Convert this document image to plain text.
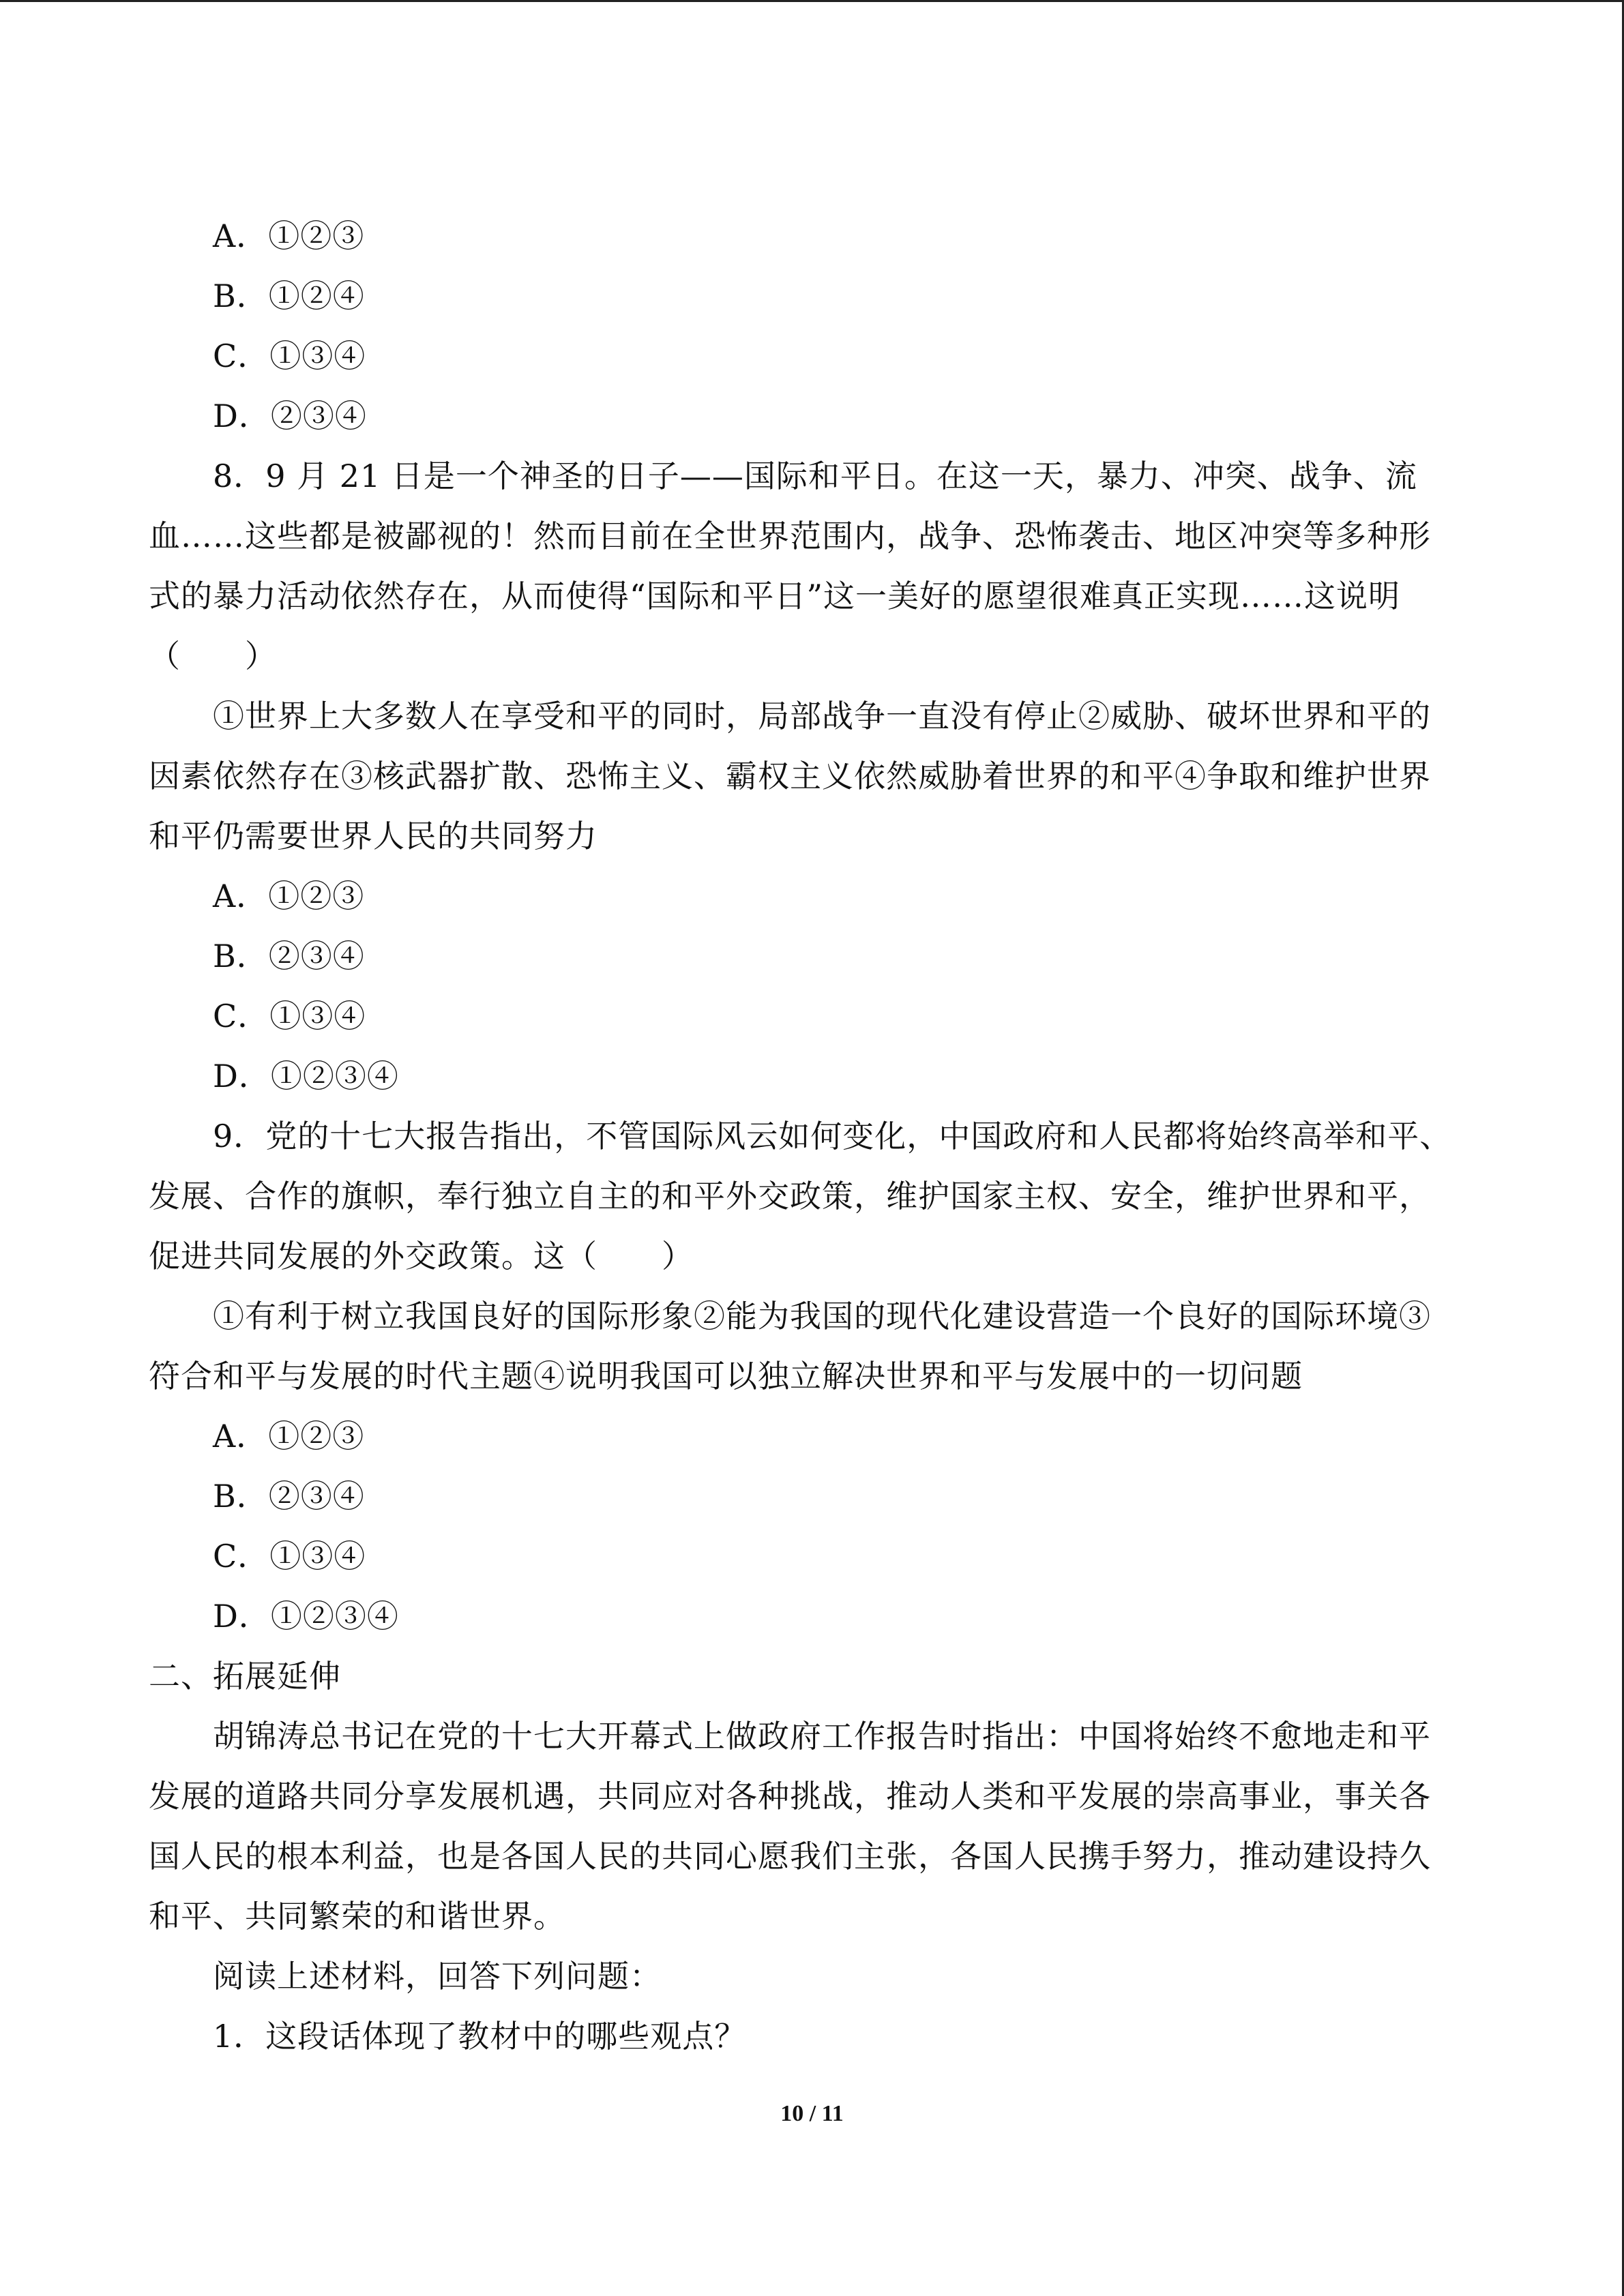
A．①②③
B．①②④
C．①③④
D．②③④
8．9 月 21 日是一个神圣的日子——国际和平日。在这一天，暴力、冲突、战争、流
血……这些都是被鄙视的！然而目前在全世界范围内，战争、恐怖袭击、地区冲突等多种形
式的暴力活动依然存在，从而使得“国际和平日”这一美好的愿望很难真正实现……这说明
（　　）
①世界上大多数人在享受和平的同时，局部战争一直没有停止②威胁、破坏世界和平的
因素依然存在③核武器扩散、恐怖主义、霸权主义依然威胁着世界的和平④争取和维护世界
和平仍需要世界人民的共同努力
A．①②③
B．②③④
C．①③④
D．①②③④
9．党的十七大报告指出，不管国际风云如何变化，中国政府和人民都将始终高举和平、
发展、合作的旗帜，奉行独立自主的和平外交政策，维护国家主权、安全，维护世界和平，
促进共同发展的外交政策。这（　　）
①有利于树立我国良好的国际形象②能为我国的现代化建设营造一个良好的国际环境③
符合和平与发展的时代主题④说明我国可以独立解决世界和平与发展中的一切问题
A．①②③
B．②③④
C．①③④
D．①②③④
二、拓展延伸
胡锦涛总书记在党的十七大开幕式上做政府工作报告时指出：中国将始终不愈地走和平
发展的道路共同分享发展机遇，共同应对各种挑战，推动人类和平发展的崇高事业，事关各
国人民的根本利益，也是各国人民的共同心愿我们主张，各国人民携手努力，推动建设持久
和平、共同繁荣的和谐世界。
阅读上述材料，回答下列问题：
1．这段话体现了教材中的哪些观点？
10 / 11
